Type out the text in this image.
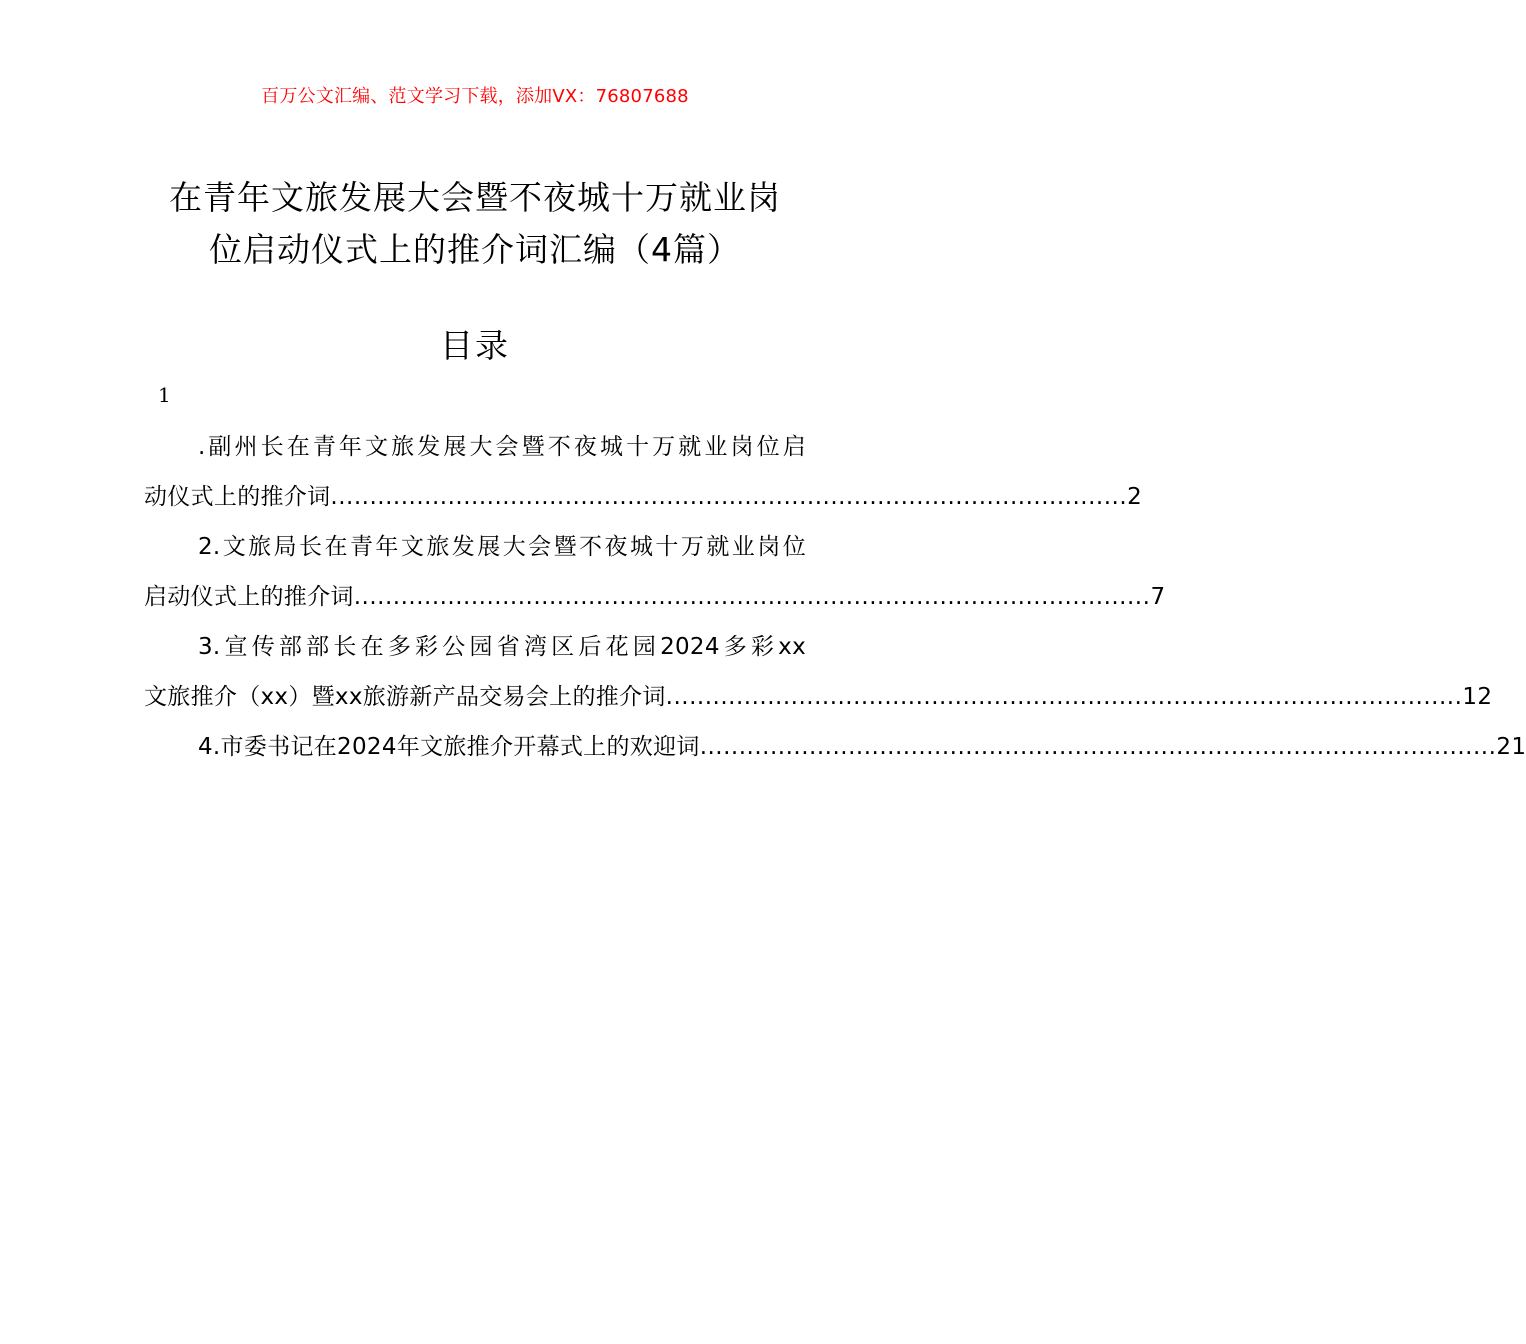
百万公文汇编、范文学习下载，添加VX：76807688
在青年文旅发展大会暨不夜城十万就业岗
位启动仪式上的推介词汇编（4篇）
目录
1
.副州长在青年文旅发展大会暨不夜城十万就业岗位启
动仪式上的推介词 ...................................................................................................... 2
2.文旅局长在青年文旅发展大会暨不夜城十万就业岗位
启动仪式上的推介词 ...................................................................................................... 7
3.宣传部部长在多彩公园省湾区后花园2024多彩xx
文旅推介（xx）暨xx旅游新产品交易会上的推介词 ...................................................................................................... 12
4.市委书记在2024年文旅推介开幕式上的欢迎词 ...................................................................................................... 21
